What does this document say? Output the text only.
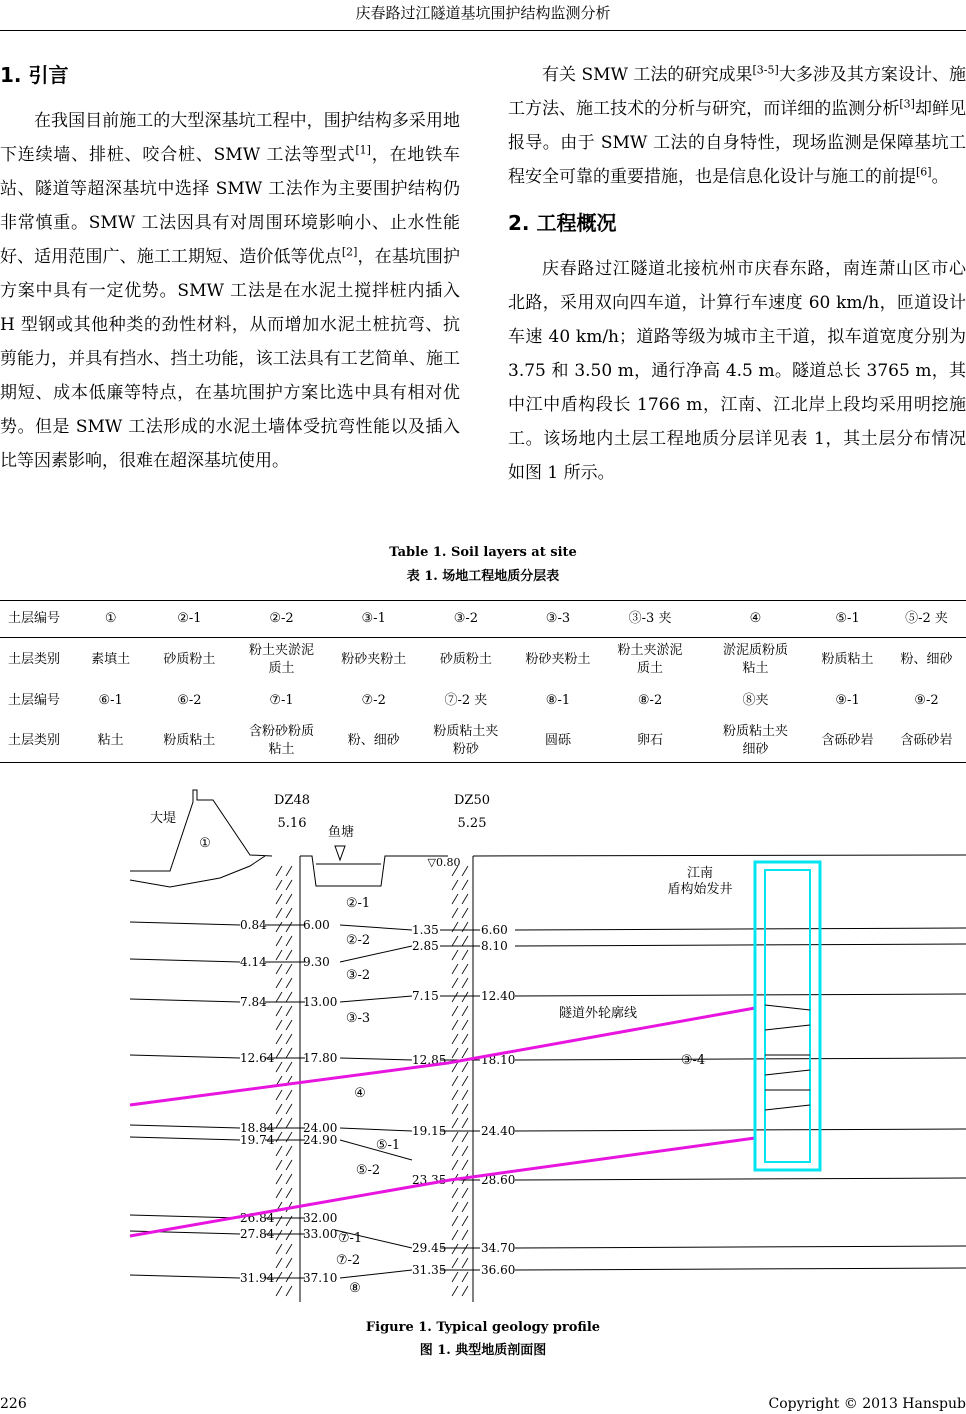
庆春路过江隧道基坑围护结构监测分析
1. 引言

在我国目前施工的大型深基坑工程中，围护结构多采用地下连续墙、排桩、咬合桩、SMW 工法等型式[1]，在地铁车站、隧道等超深基坑中选择 SMW 工法作为主要围护结构仍非常慎重。SMW 工法因具有对周围环境影响小、止水性能好、适用范围广、施工工期短、造价低等优点[2]，在基坑围护方案中具有一定优势。SMW 工法是在水泥土搅拌桩内插入 H 型钢或其他种类的劲性材料，从而增加水泥土桩抗弯、抗剪能力，并具有挡水、挡土功能，该工法具有工艺简单、施工期短、成本低廉等特点，在基坑围护方案比选中具有相对优势。但是 SMW 工法形成的水泥土墙体受抗弯性能以及插入比等因素影响，很难在超深基坑使用。

有关 SMW 工法的研究成果[3-5]大多涉及其方案设计、施工方法、施工技术的分析与研究，而详细的监测分析[3]却鲜见报导。由于 SMW 工法的自身特性，现场监测是保障基坑工程安全可靠的重要措施，也是信息化设计与施工的前提[6]。

2. 工程概况

庆春路过江隧道北接杭州市庆春东路，南连萧山区市心北路，采用双向四车道，计算行车速度 60 km/h，匝道设计车速 40 km/h；道路等级为城市主干道，拟车道宽度分别为 3.75 和 3.50 m，通行净高 4.5 m。隧道总长 3765 m，其中江中盾构段长 1766 m，江南、江北岸上段均采用明挖施工。该场地内土层工程地质分层详见表 1，其土层分布情况如图 1 所示。

Table 1. Soil layers at site
表 1. 场地工程地质分层表
土层编号	①	②-1	②-2	③-1	③-2	③-3	③-3 夹	④	⑤-1	⑤-2 夹
土层类别	素填土	砂质粉土	粉土夹淤泥质土	粉砂夹粉土	砂质粉土	粉砂夹粉土	粉土夹淤泥质土	淤泥质粉质粘土	粉质粘土	粉、细砂
土层编号	⑥-1	⑥-2	⑦-1	⑦-2	⑦-2 夹	⑧-1	⑧-2	⑧夹	⑨-1	⑨-2
土层类别	粘土	粉质粘土	含粉砂粉质粘土	粉、细砂	粉质粘土夹粉砂	圆砾	卵石	粉质粘土夹细砂	含砾砂岩	含砾砂岩
0.84	6.00
4.14	9.30
7.84	13.00
12.64 17.80
18.84 24.00
19.74 24.90
26.84 32.00
27.84 33.00
31.94 37.10
1.35	6.60
2.85	8.10
7.15	12.40
12.85	18.10
19.15	24.40
23.35	28.60
29.45	34.70
31.35	36.60
大堤
鱼塘
DZ48
5.16
DZ50
5.25
▽0.80
江南
盾构始发井
隧道外轮廓线
①
②-1
②-2
③-2
③-3
④
⑤-1
⑤-2
⑦-1
⑦-2
⑧
③-4
Figure 1. Typical geology profile
图 1. 典型地质剖面图
226	Copyright © 2013 Hanspub
